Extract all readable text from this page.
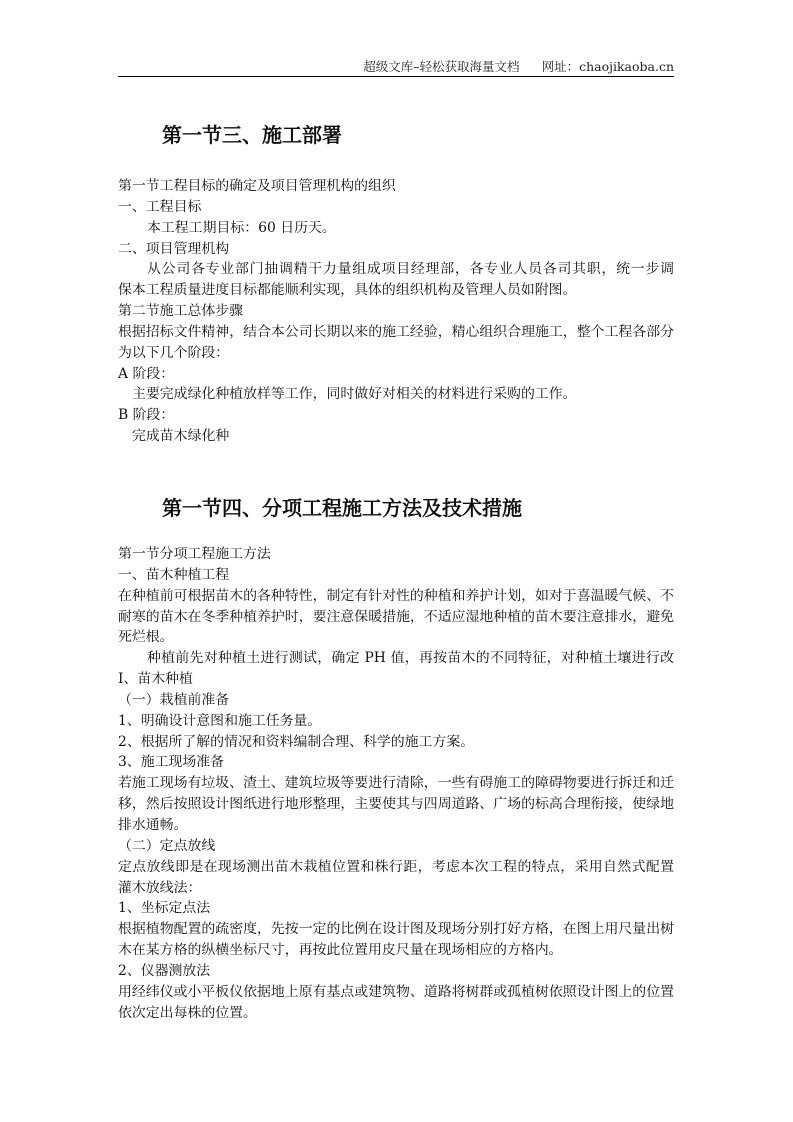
超级文库–轻松获取海量文档 网址：chaojikaoba.cn
第一节三、施工部署
第一节工程目标的确定及项目管理机构的组织
一、工程目标
本工程工期目标：60 日历天。
二、项目管理机构
从公司各专业部门抽调精干力量组成项目经理部，各专业人员各司其职，统一步调　
保本工程质量进度目标都能顺利实现，具体的组织机构及管理人员如附图。
第二节施工总体步骤
根据招标文件精神，结合本公司长期以来的施工经验，精心组织合理施工，整个工程各部分
为以下几个阶段：
A 阶段：
主要完成绿化种植放样等工作，同时做好对相关的材料进行采购的工作。
B 阶段：
完成苗木绿化种
第一节四、分项工程施工方法及技术措施
第一节分项工程施工方法
一、苗木种植工程
在种植前可根据苗木的各种特性，制定有针对性的种植和养护计划，如对于喜温暖气候、不
耐寒的苗木在冬季种植养护时，要注意保暖措施，不适应湿地种植的苗木要注意排水，避免
死烂根。
种植前先对种植土进行测试，确定 PH 值，再按苗木的不同特征，对种植土壤进行改
Ⅰ、苗木种植
（一）栽植前准备
1、明确设计意图和施工任务量。
2、根据所了解的情况和资料编制合理、科学的施工方案。
3、施工现场准备
若施工现场有垃圾、渣土、建筑垃圾等要进行清除，一些有碍施工的障碍物要进行拆迁和迁
移，然后按照设计图纸进行地形整理，主要使其与四周道路、广场的标高合理衔接，使绿地
排水通畅。
（二）定点放线
定点放线即是在现场测出苗木栽植位置和株行距，考虑本次工程的特点，采用自然式配置
灌木放线法：
1、坐标定点法
根据植物配置的疏密度，先按一定的比例在设计图及现场分别打好方格，在图上用尺量出树
木在某方格的纵横坐标尺寸，再按此位置用皮尺量在现场相应的方格内。
2、仪器测放法
用经纬仪或小平板仪依据地上原有基点或建筑物、道路将树群或孤植树依照设计图上的位置
依次定出每株的位置。
